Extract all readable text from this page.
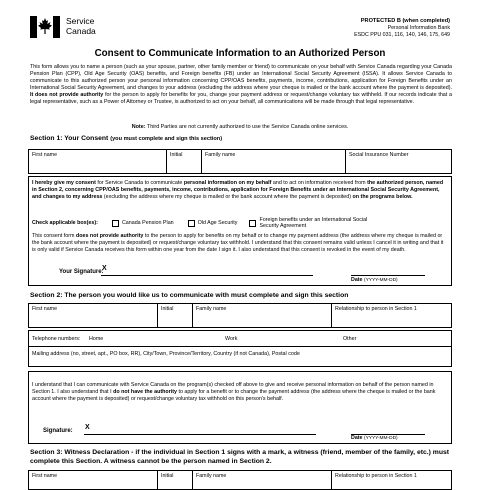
Service
Canada
PROTECTED B (when completed)
Personal Information Bank
ESDC PPU 031, 116, 140, 146, 175, 649
Consent to Communicate Information to an Authorized Person

This form allows you to name a person (such as your spouse, partner, other family member or friend) to communicate on your behalf with Service Canada regarding your Canada Pension Plan (CPP), Old Age Security (OAS) benefits, and Foreign benefits (FB) under an International Social Security Agreement (ISSA). It allows Service Canada to communicate to this authorized person your personal information concerning CPP/OAS benefits, payments, income, contributions, application for Foreign Benefits under an International Social Security Agreement, and changes to your address (excluding the address where your cheque is mailed or the bank account where the payment is deposited). It does not provide authority for the person to apply for benefits for you, change your payment address or request/change voluntary tax withheld. If our records indicate that a legal representative, such as a Power of Attorney or Trustee, is authorized to act on your behalf, all communications will be made through that legal representative.

Note: Third Parties are not currently authorized to use the Service Canada online services.
Section 1: Your Consent (you must complete and sign this section)
First name	Initial	Family name	Social Insurance Number

I hereby give my consent for Service Canada to communicate personal information on my behalf and to act on information received from the authorized person, named in Section 2, concerning CPP/OAS benefits, payments, income, contributions, application for Foreign Benefits under an International Social Security Agreement, and changes to my address (excluding the address where my cheque is mailed or the bank account where the payment is deposited) on the programs below.

Check applicable box(es):	Canada Pension Plan	Old Age Security	Foreign benefits under an International Social Security Agreement

This consent form does not provide authority to the person to apply for benefits on my behalf or to change my payment address (the address where my cheque is mailed or the bank account where the payment is deposited) or request/change voluntary tax withhold. I understand that this consent remains valid unless I cancel it in writing and that it is only valid if Service Canada receives this form within one year from the date I sign it. I also understand that this consent is revoked in the event of my death.

Your Signature:
X
Date (YYYY-MM-DD)
Section 2: The person you would like us to communicate with must complete and sign this section
First name	Initial	Family name	Relationship to person in Section 1
Telephone numbers: Home	Work	Other
Mailing address (no, street, apt., PO box, RR), City/Town, Province/Territory, Country (if not Canada), Postal code

I understand that I can communicate with Service Canada on the program(s) checked off above to give and receive personal information on behalf of the person named in Section 1. I also understand that I do not have the authority to apply for a benefit or to change the payment address (the address where the cheque is mailed or the bank account where the payment is deposited) or request/change voluntary tax withhold on this person's behalf.

Signature: X
Date (YYYY-MM-DD)
Section 3: Witness Declaration - if the individual in Section 1 signs with a mark, a witness (friend, member of the family, etc.) must complete this Section. A witness cannot be the person named in Section 2.
First name	Initial	Family name	Relationship to person in Section 1
